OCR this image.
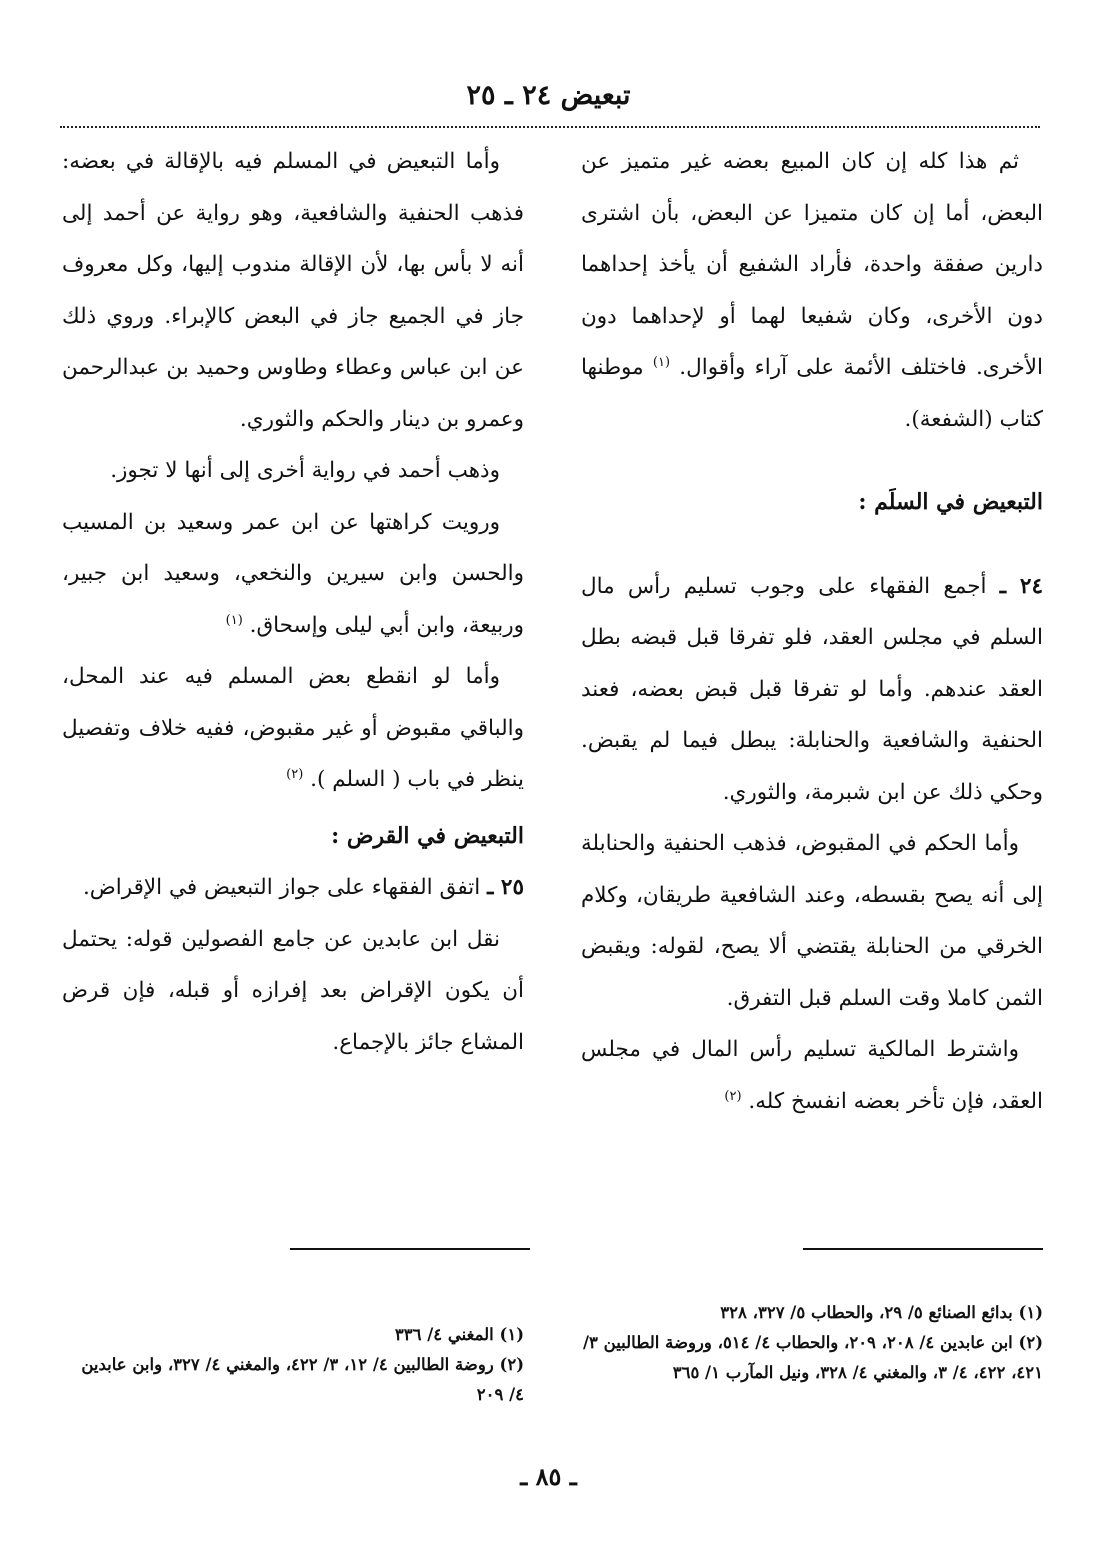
تبعيض ٢٤ ـ ٢٥

ثم هذا كله إن كان المبيع بعضه غير متميز عن البعض، أما إن كان متميزا عن البعض، بأن اشترى دارين صفقة واحدة، فأراد الشفيع أن يأخذ إحداهما دون الأخرى، وكان شفيعا لهما أو لإحداهما دون الأخرى. فاختلف الأئمة على آراء وأقوال. $^{(١)}$ موطنها كتاب (الشفعة).

التبعيض في السلَم :

٢٤ ـ أجمع الفقهاء على وجوب تسليم رأس مال السلم في مجلس العقد، فلو تفرقا قبل قبضه بطل العقد عندهم. وأما لو تفرقا قبل قبض بعضه، فعند الحنفية والشافعية والحنابلة: يبطل فيما لم يقبض. وحكي ذلك عن ابن شبرمة، والثوري.

وأما الحكم في المقبوض، فذهب الحنفية والحنابلة إلى أنه يصح بقسطه، وعند الشافعية طريقان، وكلام الخرقي من الحنابلة يقتضي ألا يصح، لقوله: ويقبض الثمن كاملا وقت السلم قبل التفرق.

واشترط المالكية تسليم رأس المال في مجلس العقد، فإن تأخر بعضه انفسخ كله. $^{(٢)}$

وأما التبعيض في المسلم فيه بالإقالة في بعضه: فذهب الحنفية والشافعية، وهو رواية عن أحمد إلى أنه لا بأس بها، لأن الإقالة مندوب إليها، وكل معروف جاز في الجميع جاز في البعض كالإبراء. وروي ذلك عن ابن عباس وعطاء وطاوس وحميد بن عبدالرحمن وعمرو بن دينار والحكم والثوري.

وذهب أحمد في رواية أخرى إلى أنها لا تجوز.

ورويت كراهتها عن ابن عمر وسعيد بن المسيب والحسن وابن سيرين والنخعي، وسعيد ابن جبير، وربيعة، وابن أبي ليلى وإسحاق. $^{(١)}$

وأما لو انقطع بعض المسلم فيه عند المحل، والباقي مقبوض أو غير مقبوض، ففيه خلاف وتفصيل ينظر في باب ( السلم ). $^{(٢)}$

التبعيض في القرض :

٢٥ ـ اتفق الفقهاء على جواز التبعيض في الإقراض.

نقل ابن عابدين عن جامع الفصولين قوله: يحتمل أن يكون الإقراض بعد إفرازه أو قبله، فإن قرض المشاع جائز بالإجماع.

(١) بدائع الصنائع ٥/ ٢٩، والحطاب ٥/ ٣٢٧، ٣٢٨

(٢) ابن عابدين ٤/ ٢٠٨، ٢٠٩، والحطاب ٤/ ٥١٤، وروضة الطالبين ٣/ ٤٢١، ٤٢٢، ٤/ ٣، والمغني ٤/ ٣٢٨، ونيل المآرب ١/ ٣٦٥

(١) المغني ٤/ ٣٣٦

(٢) روضة الطالبين ٤/ ١٢، ٣/ ٤٢٢، والمغني ٤/ ٣٢٧، وابن عابدين ٤/ ٢٠٩

ـ ٨٥ ـ
